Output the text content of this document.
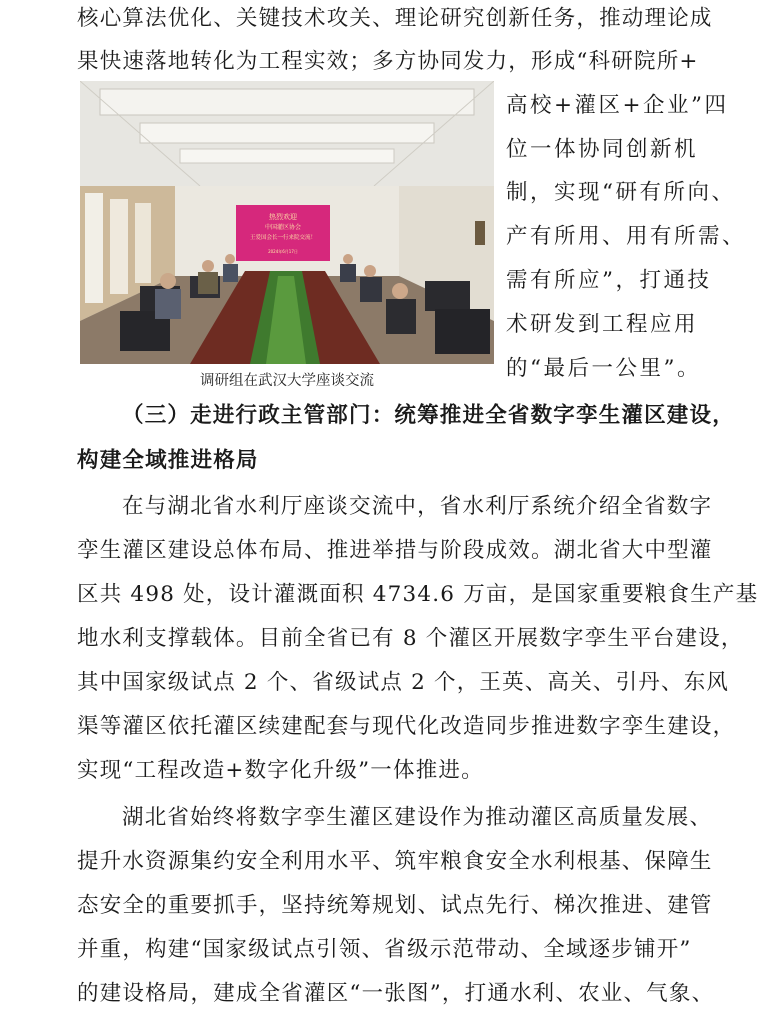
核心算法优化、关键技术攻关、理论研究创新任务，推动理论成
果快速落地转化为工程实效；多方协同发力，形成“科研院所+
热烈欢迎
中国灌区协会
王爱国会长一行来院交流！
2024年6月17日
调研组在武汉大学座谈交流
高校+灌区+企业”四
位一体协同创新机
制，实现“研有所向、
产有所用、用有所需、
需有所应”，打通技
术研发到工程应用
的“最后一公里”。
（三）走进行政主管部门：统筹推进全省数字孪生灌区建设，
构建全域推进格局
在与湖北省水利厅座谈交流中，省水利厅系统介绍全省数字
孪生灌区建设总体布局、推进举措与阶段成效。湖北省大中型灌
区共 498 处，设计灌溉面积 4734.6 万亩，是国家重要粮食生产基
地水利支撑载体。目前全省已有 8 个灌区开展数字孪生平台建设，
其中国家级试点 2 个、省级试点 2 个，王英、高关、引丹、东风
渠等灌区依托灌区续建配套与现代化改造同步推进数字孪生建设，
实现“工程改造+数字化升级”一体推进。
湖北省始终将数字孪生灌区建设作为推动灌区高质量发展、
提升水资源集约安全利用水平、筑牢粮食安全水利根基、保障生
态安全的重要抓手，坚持统筹规划、试点先行、梯次推进、建管
并重，构建“国家级试点引领、省级示范带动、全域逐步铺开”
的建设格局，建成全省灌区“一张图”，打通水利、农业、气象、
